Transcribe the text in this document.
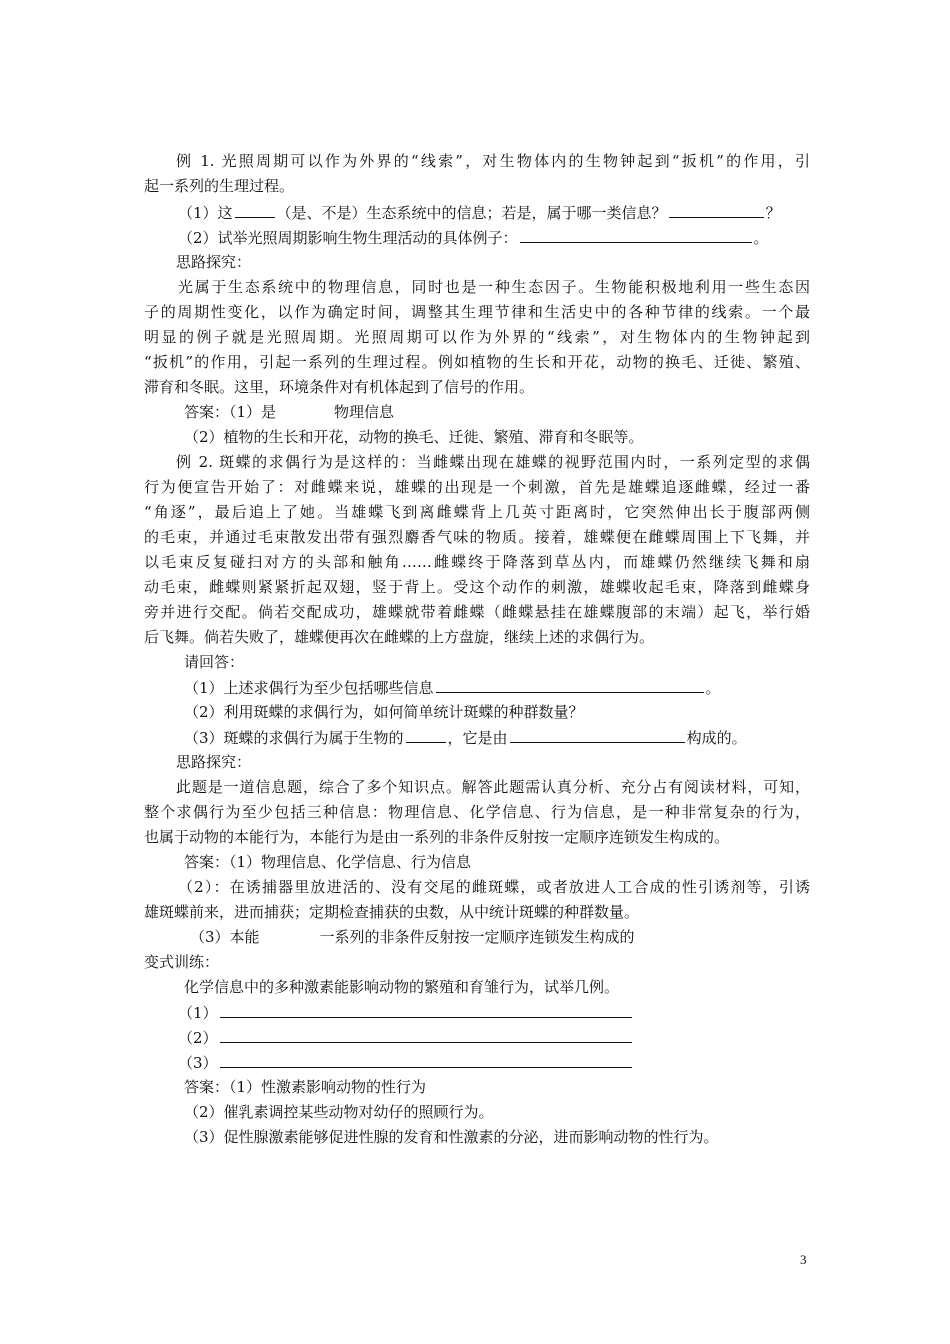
例 1. 光照周期可以作为外界的“线索”，对生物体内的生物钟起到“扳机”的作用，引
起一系列的生理过程。
（1）这	（是、不是）生态系统中的信息；若是，属于哪一类信息？	？
（2）试举光照周期影响生物生理活动的具体例子：	。
思路探究：
光属于生态系统中的物理信息，同时也是一种生态因子。生物能积极地利用一些生态因
子的周期性变化，以作为确定时间，调整其生理节律和生活史中的各种节律的线索。一个最
明显的例子就是光照周期。光照周期可以作为外界的“线索”，对生物体内的生物钟起到
“扳机”的作用，引起一系列的生理过程。例如植物的生长和开花，动物的换毛、迁徙、繁殖、
滞育和冬眠。这里，环境条件对有机体起到了信号的作用。
答案：（1）是	物理信息
（2）植物的生长和开花，动物的换毛、迁徙、繁殖、滞育和冬眠等。
例 2. 斑蝶的求偶行为是这样的：当雌蝶出现在雄蝶的视野范围内时，一系列定型的求偶
行为便宣告开始了：对雌蝶来说，雄蝶的出现是一个刺激，首先是雄蝶追逐雌蝶，经过一番
“角逐”，最后追上了她。当雄蝶飞到离雌蝶背上几英寸距离时，它突然伸出长于腹部两侧
的毛束，并通过毛束散发出带有强烈麝香气味的物质。接着，雄蝶便在雌蝶周围上下飞舞，并
以毛束反复碰扫对方的头部和触角……雌蝶终于降落到草丛内，而雄蝶仍然继续飞舞和扇
动毛束，雌蝶则紧紧折起双翅，竖于背上。受这个动作的刺激，雄蝶收起毛束，降落到雌蝶身
旁并进行交配。倘若交配成功，雄蝶就带着雌蝶（雌蝶悬挂在雄蝶腹部的末端）起飞，举行婚
后飞舞。倘若失败了，雄蝶便再次在雌蝶的上方盘旋，继续上述的求偶行为。
请回答：
（1）上述求偶行为至少包括哪些信息	。
（2）利用斑蝶的求偶行为，如何简单统计斑蝶的种群数量？
（3）斑蝶的求偶行为属于生物的	，它是由	构成的。
思路探究：
此题是一道信息题，综合了多个知识点。解答此题需认真分析、充分占有阅读材料，可知，
整个求偶行为至少包括三种信息：物理信息、化学信息、行为信息，是一种非常复杂的行为，
也属于动物的本能行为，本能行为是由一系列的非条件反射按一定顺序连锁发生构成的。
答案：（1）物理信息、化学信息、行为信息
（2）：在诱捕器里放进活的、没有交尾的雌斑蝶，或者放进人工合成的性引诱剂等，引诱
雄斑蝶前来，进而捕获；定期检查捕获的虫数，从中统计斑蝶的种群数量。
（3）本能	一系列的非条件反射按一定顺序连锁发生构成的
变式训练：
化学信息中的多种激素能影响动物的繁殖和育雏行为，试举几例。
（1）
（2）
（3）
答案：（1）性激素影响动物的性行为
（2）催乳素调控某些动物对幼仔的照顾行为。
（3）促性腺激素能够促进性腺的发育和性激素的分泌，进而影响动物的性行为。
3
